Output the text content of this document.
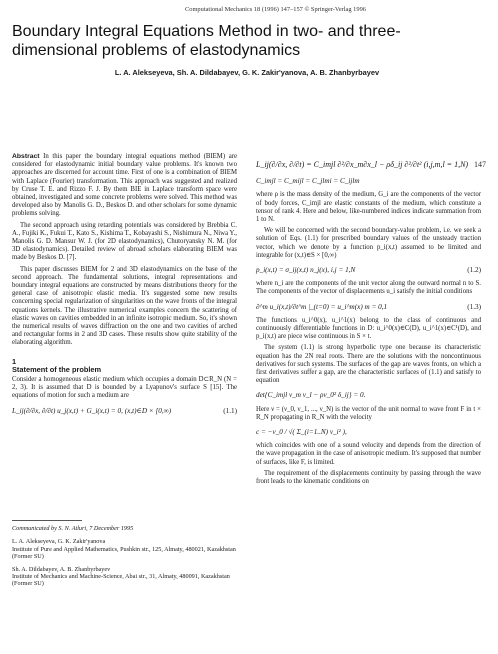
Computational Mechanics 18 (1996) 147–157 © Springer-Verlag 1996
147
Boundary Integral Equations Method in two- and three-dimensional problems of elastodynamics
L. A. Alekseyeva, Sh. A. Dildabayev, G. K. Zakir'yanova, A. B. Zhanbyrbayev

Abstract In this paper the boundary integral equations method (BIEM) are considered for elastodynamic initial boundary value problems. It's known two approaches are discerned for account time. First of one is a combination of BIEM with Laplace (Fourier) transformation. This approach was suggested and realized by Cruse T. E. and Rizzo F. J. By them BIE in Laplace transform space were obtained, investigated and some concrete problems were solved. This method was developed also by Manolis G. D., Beskos D. and other scholars for some dynamic problems solving.

The second approach using retarding potentials was considered by Brebbia C. A., Fujiki K., Fukui T., Kato S., Kishima T., Kobayashi S., Nishimura N., Niwa Y., Manolis G. D. Mansur W. J. (for 2D elastodynamics), Chutoryansky N. M. (for 3D elastodynamics). Detailed review of abroad scholars elaborating BIEM was made by Beskos D. [7].

This paper discusses BIEM for 2 and 3D elastodynamics on the base of the second approach. The fundamental solutions, integral representations and boundary integral equations are constructed by means distributions theory for the general case of anisotropic elastic media. It's suggested some new results concerning special regularization of singularities on the wave fronts of the integral equations kernels. The illustrative numerical examples concern the scattering of elastic waves on cavities embedded in an infinite isotropic medium. So, it's shown the numerical results of waves diffraction on the one and two cavities of arched and rectangular forms in 2 and 3D cases. These results show quite stability of the elaborating algorithm.

1
Statement of the problem

Consider a homogeneous elastic medium which occupies a domain D⊂R_N (N = 2, 3). It is assumed that D is bounded by a Lyapunov's surface S [15]. The equations of motion for such a medium are

L_ij(∂/∂x, ∂/∂t) u_j(x,t) + G_i(x,t) = 0, (x,t)∈D × [0,∞)	(1.1)
L_ij(∂/∂x, ∂/∂t) = C_imjl ∂²/∂x_m∂x_l − ρδ_ij ∂²/∂t² (i,j,m,l = 1,N)
C_imjl = C_mijl = C_jlmi = C_ijlm

where ρ is the mass density of the medium, G_i are the components of the vector of body forces, C_imjl are elastic constants of the medium, which constitute a tensor of rank 4. Here and below, like-numbered indices indicate summation from 1 to N.

We will be concerned with the second boundary-value problem, i.e. we seek a solution of Eqs. (1.1) for prescribed boundary values of the unsteady traction vector, which we denote by a function p_i(x,t) assumed to be limited and integrable for (x,t)∈S × [0,∞)

p_i(x,t) = σ_ij(x,t) n_j(x), i,j = 1,N	(1.2)

where n_i are the components of the unit vector along the outward normal n to S. The components of the vector of displacements u_i satisfy the initial conditions

∂^m u_i(x,t)/∂t^m |_(t=0) = u_i^m(x) m = 0,1	(1.3)

The functions u_i^0(x), u_i^1(x) belong to the class of continuous and continuously differentiable functions in D: u_i^0(x)∈C(D), u_i^1(x)∈C¹(D), and p_i(x,t) are piece wise continuous in S × t.

The system (1.1) is strong hyperbolic type one because its characteristic equation has the 2N real roots. There are the solutions with the noncontinuous derivatives for such systems. The surfaces of the gap are waves fronts, on which a first derivatives suffer a gap, are the characteristic surfaces of (1.1) and satisfy to equation

det{C_imjl ν_m ν_l − ρν_0² δ_ij} = 0.

Here ν = (ν_0, ν_1, ..., ν_N) is the vector of the unit normal to wave front F in t × R_N propagating in R_N with the velocity

c = −ν_0 / √( Σ_(i=1..N) ν_i² ),

which coincides with one of a sound velocity and depends from the direction of the wave propagation in the case of anisotropic medium. It's supposed that number of surfaces, like F, is limited.

The requirement of the displacements continuity by passing through the wave front leads to the kinematic conditions on

Communicated by S. N. Atluri, 7 December 1995
L. A. Alekseyeva, G. K. Zakir'yanova
Institute of Pure and Applied Mathematics, Pushkin str., 125, Almaty, 480021, Kazakhstan (Former SU)
Sh. A. Dildabayev, A. B. Zhanbyrbayev
Institute of Mechanics and Machine-Science, Abai str., 31, Almaty, 480091, Kazakhstan (Former SU)
